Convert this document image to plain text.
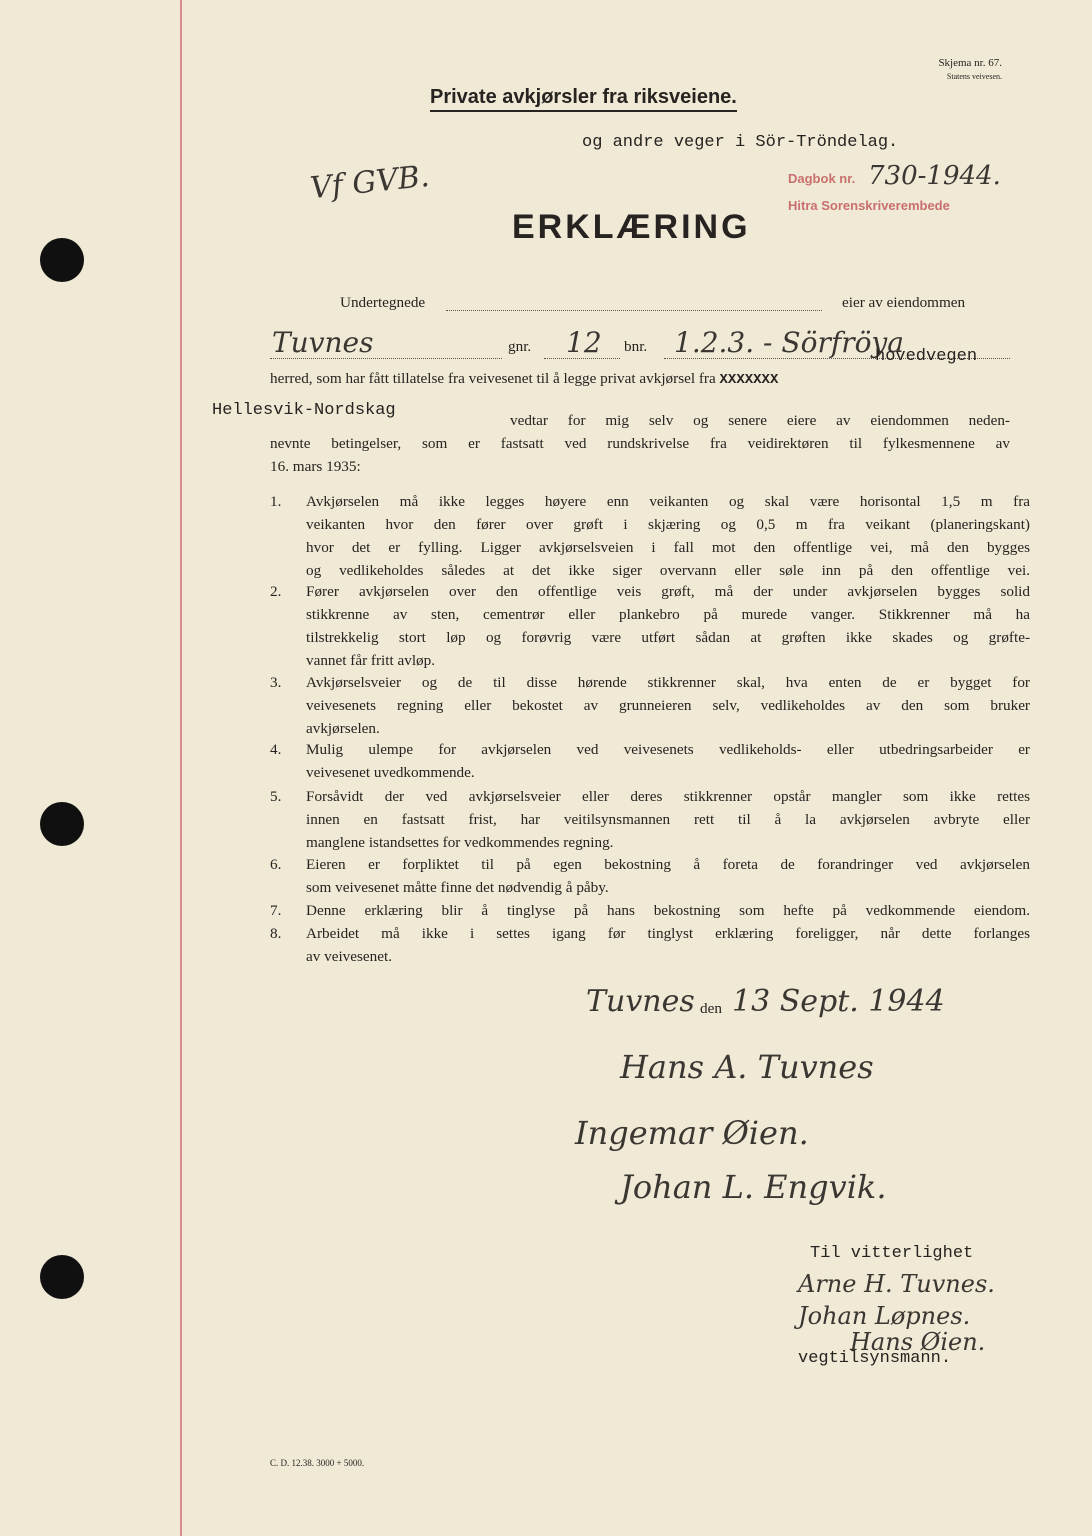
Skjema nr. 67.
Statens veivesen.
Private avkjørsler fra riksveiene.
og andre veger i Sör-Tröndelag.
Vf GVB.	Dagbok nr. 730-1944.
Hitra Sorenskriverembede
ERKLÆRING
Undertegnede	eier av eiendommen
Tuvnes	gnr. 12 bnr. 1.2.3. - Sörfröya
hovedvegen
herred, som har fått tillatelse fra veivesenet til å legge privat avkjørsel fra XXXXXXX
Hellesvik-Nordskag
vedtar for mig selv og senere eiere av eiendommen neden-
nevnte betingelser, som er fastsatt ved rundskrivelse fra veidirektøren til fylkesmennene av
16. mars 1935:
1.	Avkjørselen må ikke legges høyere enn veikanten og skal være horisontal 1,5 m fra
veikanten hvor den fører over grøft i skjæring og 0,5 m fra veikant (planeringskant)
hvor det er fylling. Ligger avkjørselsveien i fall mot den offentlige vei, må den bygges
og vedlikeholdes således at det ikke siger overvann eller søle inn på den offentlige vei.
2.	Fører avkjørselen over den offentlige veis grøft, må der under avkjørselen bygges solid
stikkrenne av sten, cementrør eller plankebro på murede vanger. Stikkrenner må ha
tilstrekkelig stort løp og forøvrig være utført sådan at grøften ikke skades og grøfte-
vannet får fritt avløp.
3.	Avkjørselsveier og de til disse hørende stikkrenner skal, hva enten de er bygget for
veivesenets regning eller bekostet av grunneieren selv, vedlikeholdes av den som bruker
avkjørselen.
4.	Mulig ulempe for avkjørselen ved veivesenets vedlikeholds- eller utbedringsarbeider er
veivesenet uvedkommende.
5.	Forsåvidt der ved avkjørselsveier eller deres stikkrenner opstår mangler som ikke rettes
innen en fastsatt frist, har veitilsynsmannen rett til å la avkjørselen avbryte eller
manglene istandsettes for vedkommendes regning.
6.	Eieren er forpliktet til på egen bekostning å foreta de forandringer ved avkjørselen
som veivesenet måtte finne det nødvendig å påby.
7.	Denne erklæring blir å tinglyse på hans bekostning som hefte på vedkommende eiendom.
8.	Arbeidet må ikke i settes igang før tinglyst erklæring foreligger, når dette forlanges
av veivesenet.
Tuvnes den 13 Sept. 1944
Hans A. Tuvnes
Ingemar Øien.
Johan L. Engvik.
Til vitterlighet
Arne H. Tuvnes.
Johan Løpnes.
Hans Øien.
vegtilsynsmann.
C. D. 12.38. 3000 + 5000.
